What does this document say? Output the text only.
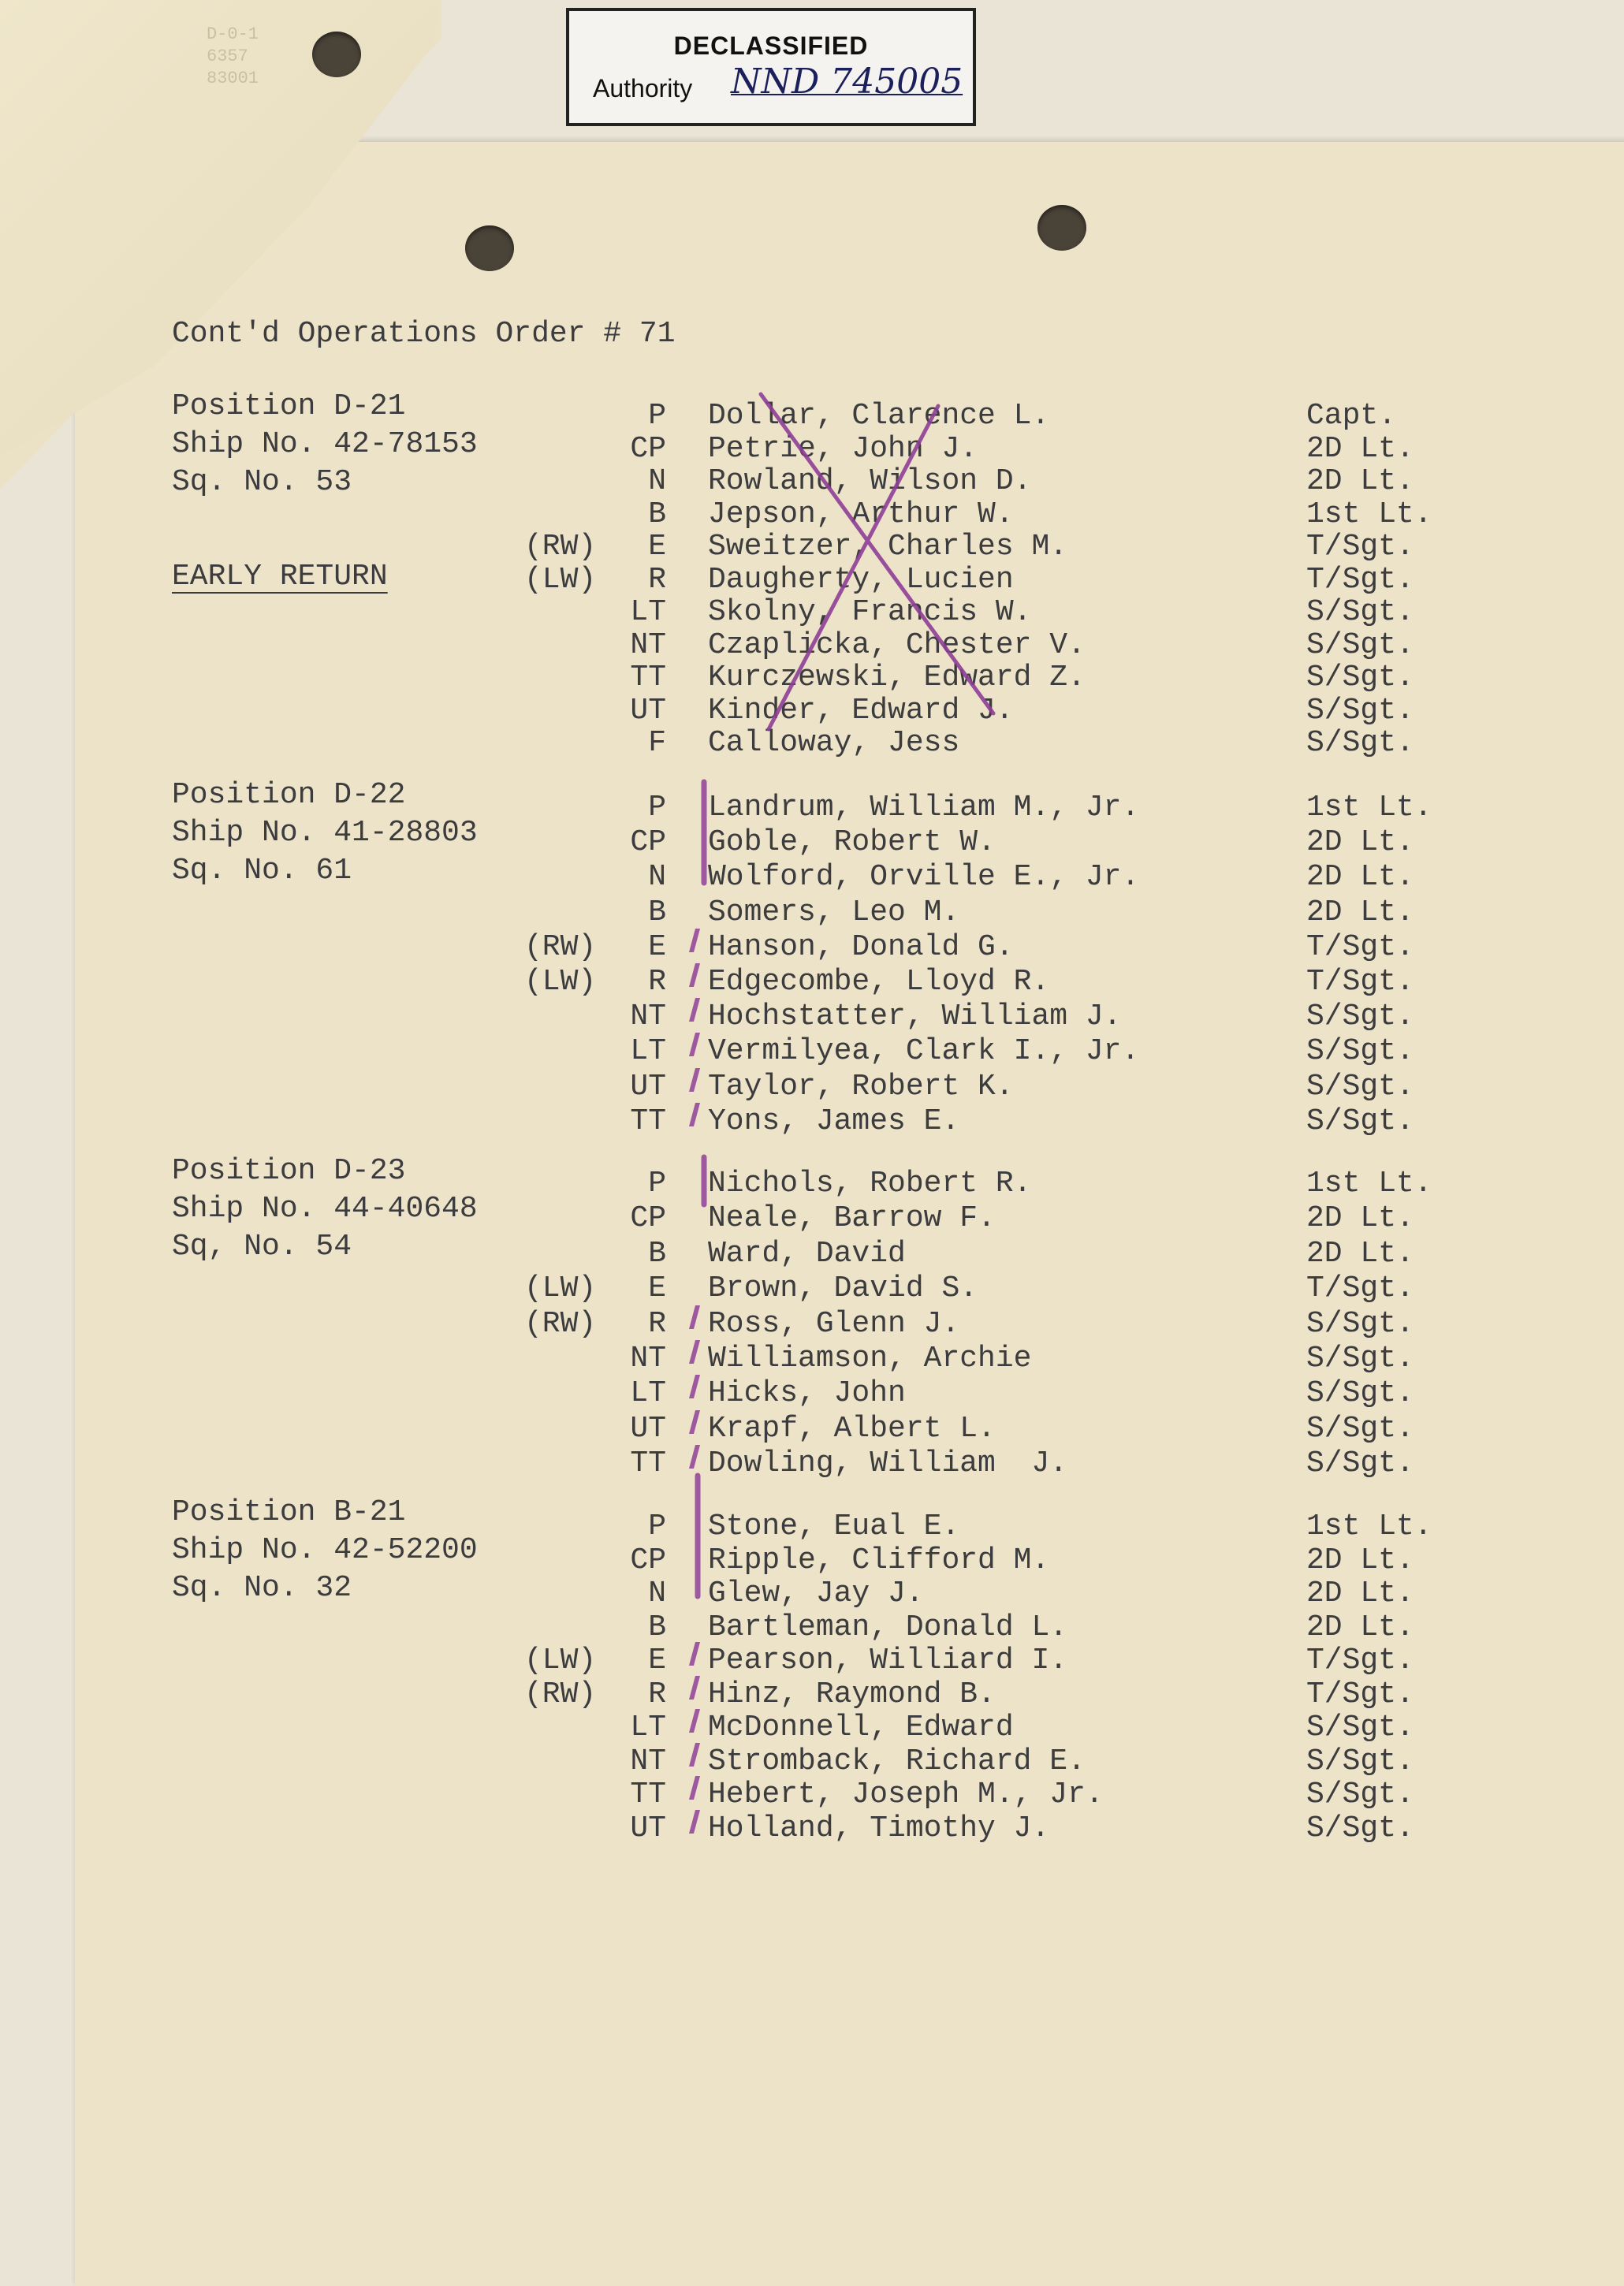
D-0-1 6357 83001
DECLASSIFIED
Authority NND 745005
Cont'd Operations Order # 71
Position D-21
Ship No. 42-78153
Sq. No. 53
EARLY RETURN
P Dollar, Clarence L.	Capt.
CP Petrie, John J.	2D Lt.
N Rowland, Wilson D.	2D Lt.
B Jepson, Arthur W.	1st Lt.
(RW)	E Sweitzer, Charles M.	T/Sgt.
(LW)	R Daugherty, Lucien	T/Sgt.
LT Skolny, Francis W.	S/Sgt.
NT Czaplicka, Chester V.	S/Sgt.
TT Kurczewski, Edward Z.	S/Sgt.
UT Kinder, Edward J.	S/Sgt.
F Calloway, Jess	S/Sgt.
Position D-22
Ship No. 41-28803
Sq. No. 61
P Landrum, William M., Jr.	1st Lt.
CP Goble, Robert W.	2D Lt.
N Wolford, Orville E., Jr.	2D Lt.
B Somers, Leo M.	2D Lt.
(RW)	E Hanson, Donald G.	T/Sgt.
(LW)	R Edgecombe, Lloyd R.	T/Sgt.
NT Hochstatter, William J.	S/Sgt.
LT Vermilyea, Clark I., Jr.	S/Sgt.
UT Taylor, Robert K.	S/Sgt.
TT Yons, James E.	S/Sgt.
Position D-23
Ship No. 44-40648
Sq, No. 54
P Nichols, Robert R.	1st Lt.
CP Neale, Barrow F.	2D Lt.
B Ward, David	2D Lt.
(LW)	E Brown, David S.	T/Sgt.
(RW)	R Ross, Glenn J.	S/Sgt.
NT Williamson, Archie	S/Sgt.
LT Hicks, John	S/Sgt.
UT Krapf, Albert L.	S/Sgt.
TT Dowling, William  J.	S/Sgt.
Position B-21
Ship No. 42-52200
Sq. No. 32
P Stone, Eual E.	1st Lt.
CP Ripple, Clifford M.	2D Lt.
N Glew, Jay J.	2D Lt.
B Bartleman, Donald L.	2D Lt.
(LW)	E Pearson, Williard I.	T/Sgt.
(RW)	R Hinz, Raymond B.	T/Sgt.
LT McDonnell, Edward	S/Sgt.
NT Stromback, Richard E.	S/Sgt.
TT Hebert, Joseph M., Jr.	S/Sgt.
UT Holland, Timothy J.	S/Sgt.
